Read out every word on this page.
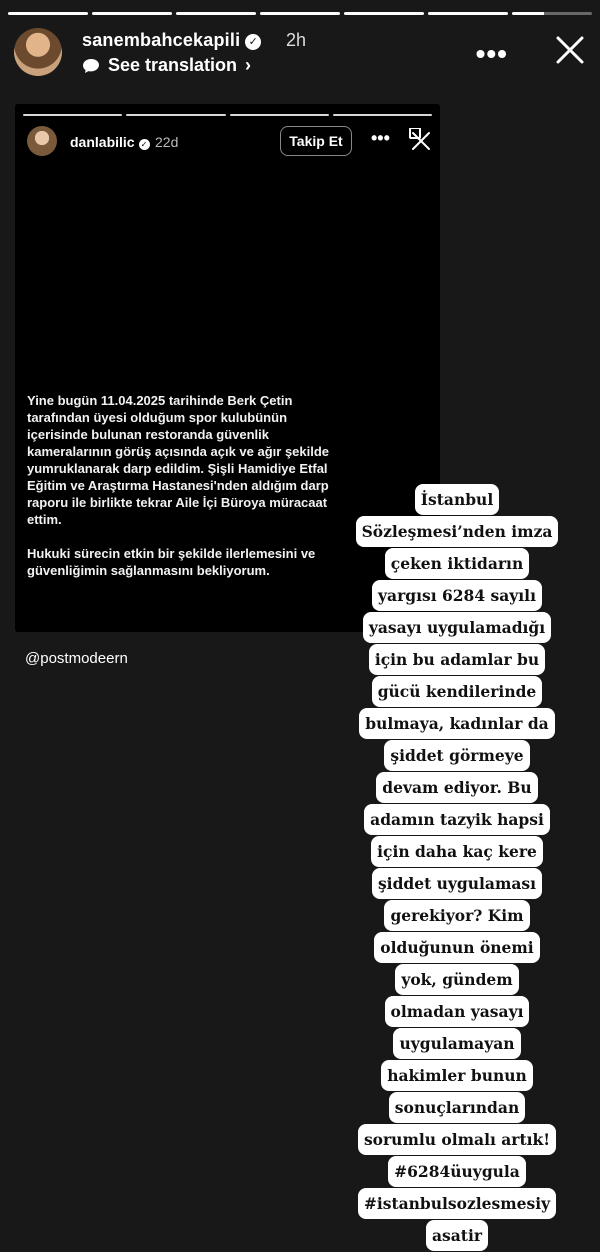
sanembahcekapili ✓ 2h
See translation ›	•••
danlabilic ✓ 22d	Takip Et	•••

Yine bugün 11.04.2025 tarihinde Berk Çetin tarafından üyesi olduğum spor kulubünün içerisinde bulunan restoranda güvenlik kameralarının görüş açısında açık ve ağır şekilde yumruklanarak darp edildim. Şişli Hamidiye Etfal Eğitim ve Araştırma Hastanesi'nden aldığım darp raporu ile birlikte tekrar Aile İçi Büroya müracaat ettim.

Hukuki sürecin etkin bir şekilde ilerlemesini ve güvenliğimin sağlanmasını bekliyorum.

@postmodeern
İstanbul
Sözleşmesi’nden imza
çeken iktidarın
yargısı 6284 sayılı
yasayı uygulamadığı
için bu adamlar bu
gücü kendilerinde
bulmaya, kadınlar da
şiddet görmeye
devam ediyor. Bu
adamın tazyik hapsi
için daha kaç kere
şiddet uygulaması
gerekiyor? Kim
olduğunun önemi
yok, gündem
olmadan yasayı
uygulamayan
hakimler bunun
sonuçlarından
sorumlu olmalı artık!
#6284üuygula
#istanbulsozlesmesiy
asatir
